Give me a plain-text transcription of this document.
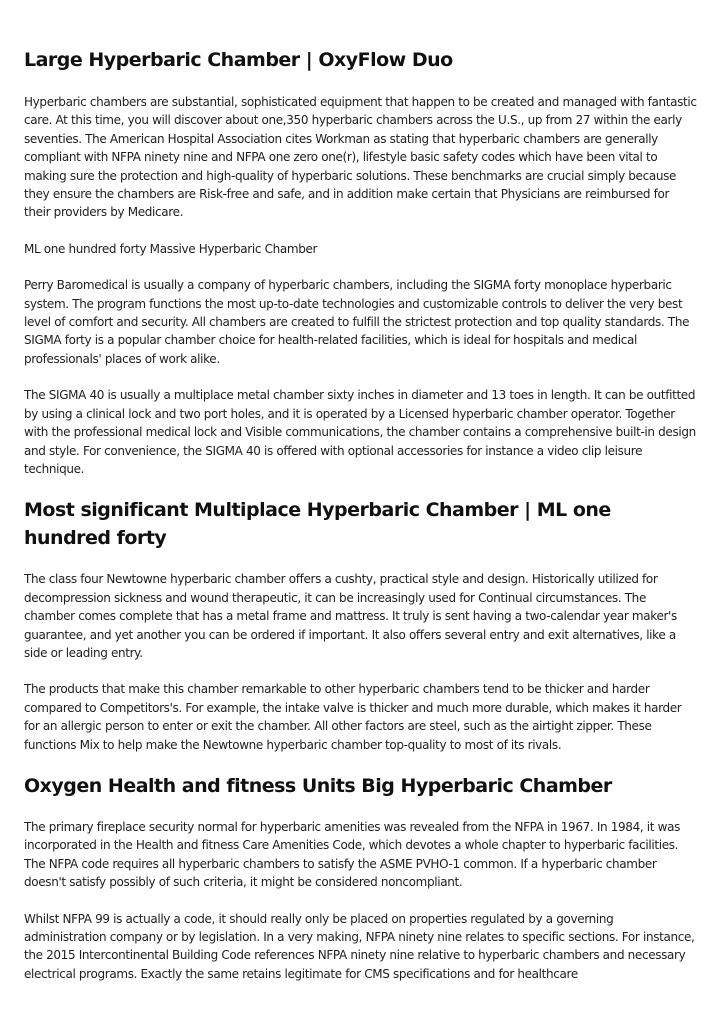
Large Hyperbaric Chamber | OxyFlow Duo

Hyperbaric chambers are substantial, sophisticated equipment that happen to be created and managed with fantastic care. At this time, you will discover about one,350 hyperbaric chambers across the U.S., up from 27 within the early seventies. The American Hospital Association cites Workman as stating that hyperbaric chambers are generally compliant with NFPA ninety nine and NFPA one zero one(r), lifestyle basic safety codes which have been vital to making sure the protection and high-quality of hyperbaric solutions. These benchmarks are crucial simply because they ensure the chambers are Risk-free and safe, and in addition make certain that Physicians are reimbursed for their providers by Medicare.

ML one hundred forty Massive Hyperbaric Chamber

Perry Baromedical is usually a company of hyperbaric chambers, including the SIGMA forty monoplace hyperbaric system. The program functions the most up-to-date technologies and customizable controls to deliver the very best level of comfort and security. All chambers are created to fulfill the strictest protection and top quality standards. The SIGMA forty is a popular chamber choice for health-related facilities, which is ideal for hospitals and medical professionals' places of work alike.

The SIGMA 40 is usually a multiplace metal chamber sixty inches in diameter and 13 toes in length. It can be outfitted by using a clinical lock and two port holes, and it is operated by a Licensed hyperbaric chamber operator. Together with the professional medical lock and Visible communications, the chamber contains a comprehensive built-in design and style. For convenience, the SIGMA 40 is offered with optional accessories for instance a video clip leisure technique.

Most significant Multiplace Hyperbaric Chamber | ML one hundred forty

The class four Newtowne hyperbaric chamber offers a cushty, practical style and design. Historically utilized for decompression sickness and wound therapeutic, it can be increasingly used for Continual circumstances. The chamber comes complete that has a metal frame and mattress. It truly is sent having a two-calendar year maker's guarantee, and yet another you can be ordered if important. It also offers several entry and exit alternatives, like a side or leading entry.

The products that make this chamber remarkable to other hyperbaric chambers tend to be thicker and harder compared to Competitors's. For example, the intake valve is thicker and much more durable, which makes it harder for an allergic person to enter or exit the chamber. All other factors are steel, such as the airtight zipper. These functions Mix to help make the Newtowne hyperbaric chamber top-quality to most of its rivals.

Oxygen Health and fitness Units Big Hyperbaric Chamber

The primary fireplace security normal for hyperbaric amenities was revealed from the NFPA in 1967. In 1984, it was incorporated in the Health and fitness Care Amenities Code, which devotes a whole chapter to hyperbaric facilities. The NFPA code requires all hyperbaric chambers to satisfy the ASME PVHO-1 common. If a hyperbaric chamber doesn't satisfy possibly of such criteria, it might be considered noncompliant.

Whilst NFPA 99 is actually a code, it should really only be placed on properties regulated by a governing administration company or by legislation. In a very making, NFPA ninety nine relates to specific sections. For instance, the 2015 Intercontinental Building Code references NFPA ninety nine relative to hyperbaric chambers and necessary electrical programs. Exactly the same retains legitimate for CMS specifications and for healthcare
